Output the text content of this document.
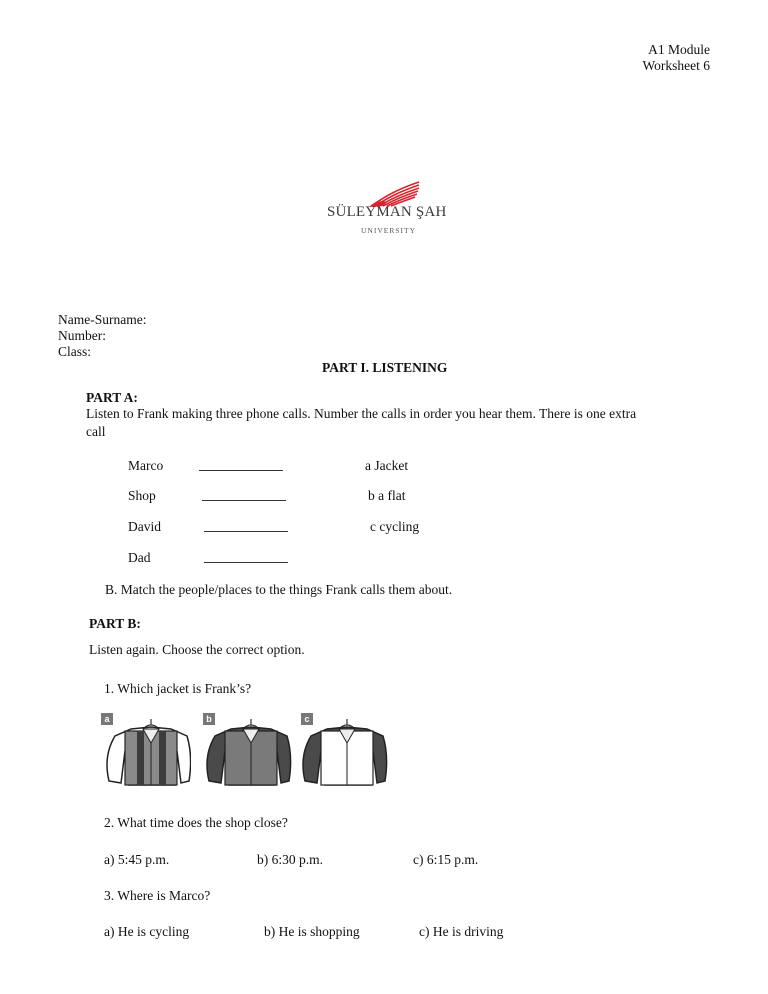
A1 Module
Worksheet 6
SÜLEYMAN ŞAH
UNIVERSITY
Name-Surname:
Number:
Class:
PART I. LISTENING
PART A:
Listen to Frank making three phone calls. Number the calls in order you hear them. There is one extra
call
Marco	a Jacket
Shop	b a flat
David	c cycling
Dad
B. Match the people/places to the things Frank calls them about.
PART B:
Listen again. Choose the correct option.
1. Which jacket is Frank’s?
a	b	c
2. What time does the shop close?
a) 5:45 p.m.	b) 6:30 p.m.	c) 6:15 p.m.
3. Where is Marco?
a) He is cycling	b) He is shopping	c) He is driving
